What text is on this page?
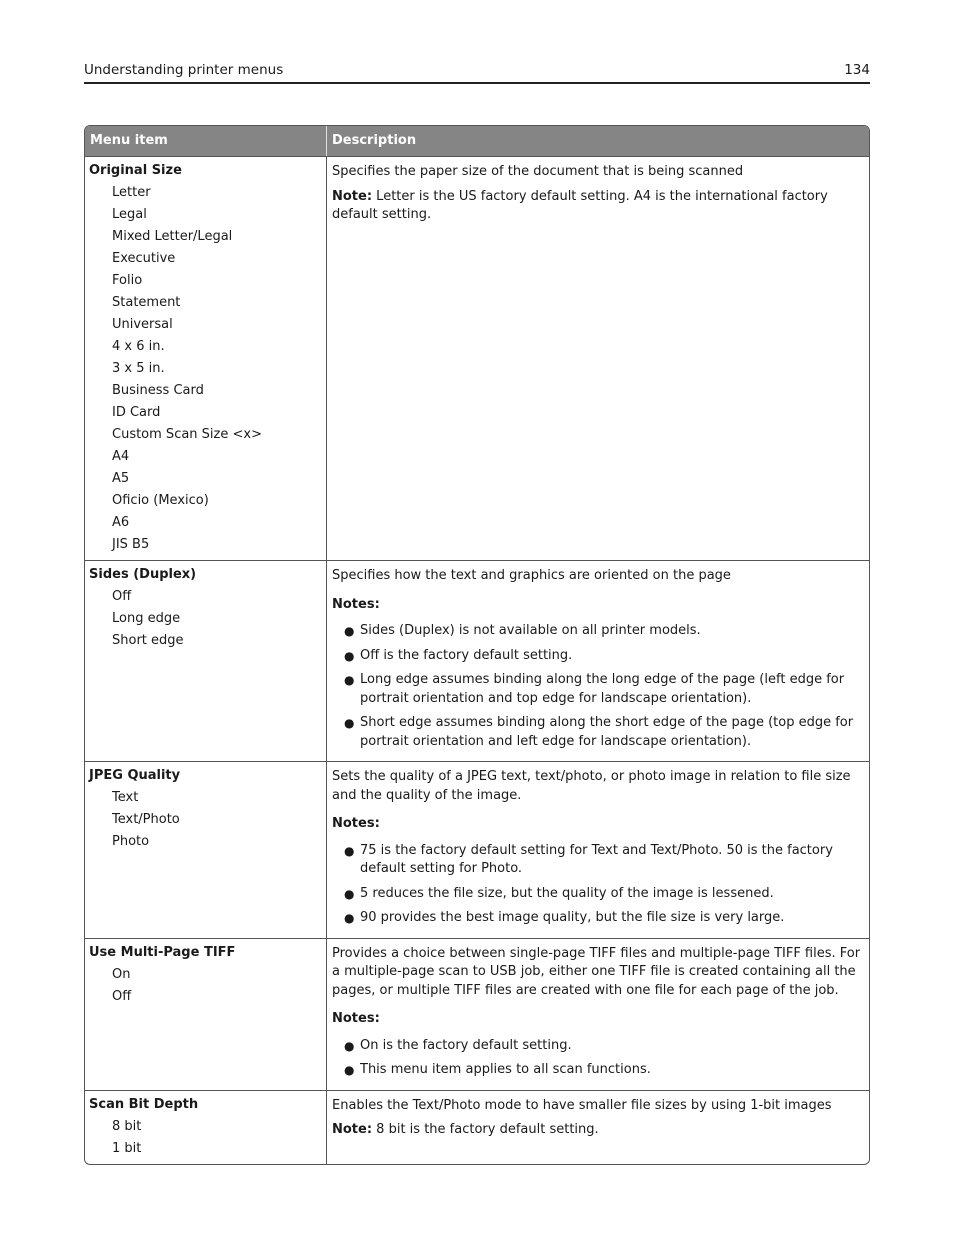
Understanding printer menus	134
Menu item	Description
Original Size
Letter
Legal
Mixed Letter/Legal
Executive
Folio
Statement
Universal
4 x 6 in.
3 x 5 in.
Business Card
ID Card
Custom Scan Size <x>
A4
A5
Oficio (Mexico)
A6
JIS B5

Specifies the paper size of the document that is being scanned

Note: Letter is the US factory default setting. A4 is the international factory default setting.

Sides (Duplex)
Off
Long edge
Short edge

Specifies how the text and graphics are oriented on the page

Notes:
● Sides (Duplex) is not available on all printer models.
● Off is the factory default setting.
● Long edge assumes binding along the long edge of the page (left edge for portrait orientation and top edge for landscape orientation).
● Short edge assumes binding along the short edge of the page (top edge for portrait orientation and left edge for landscape orientation).
JPEG Quality
Text
Text/Photo
Photo

Sets the quality of a JPEG text, text/photo, or photo image in relation to file size and the quality of the image.

Notes:
● 75 is the factory default setting for Text and Text/Photo. 50 is the factory default setting for Photo.
● 5 reduces the file size, but the quality of the image is lessened.
● 90 provides the best image quality, but the file size is very large.
Use Multi-Page TIFF
On
Off

Provides a choice between single-page TIFF files and multiple-page TIFF files. For a multiple-page scan to USB job, either one TIFF file is created containing all the pages, or multiple TIFF files are created with one file for each page of the job.

Notes:
● On is the factory default setting.
● This menu item applies to all scan functions.
Scan Bit Depth
8 bit
1 bit

Enables the Text/Photo mode to have smaller file sizes by using 1-bit images

Note: 8 bit is the factory default setting.
